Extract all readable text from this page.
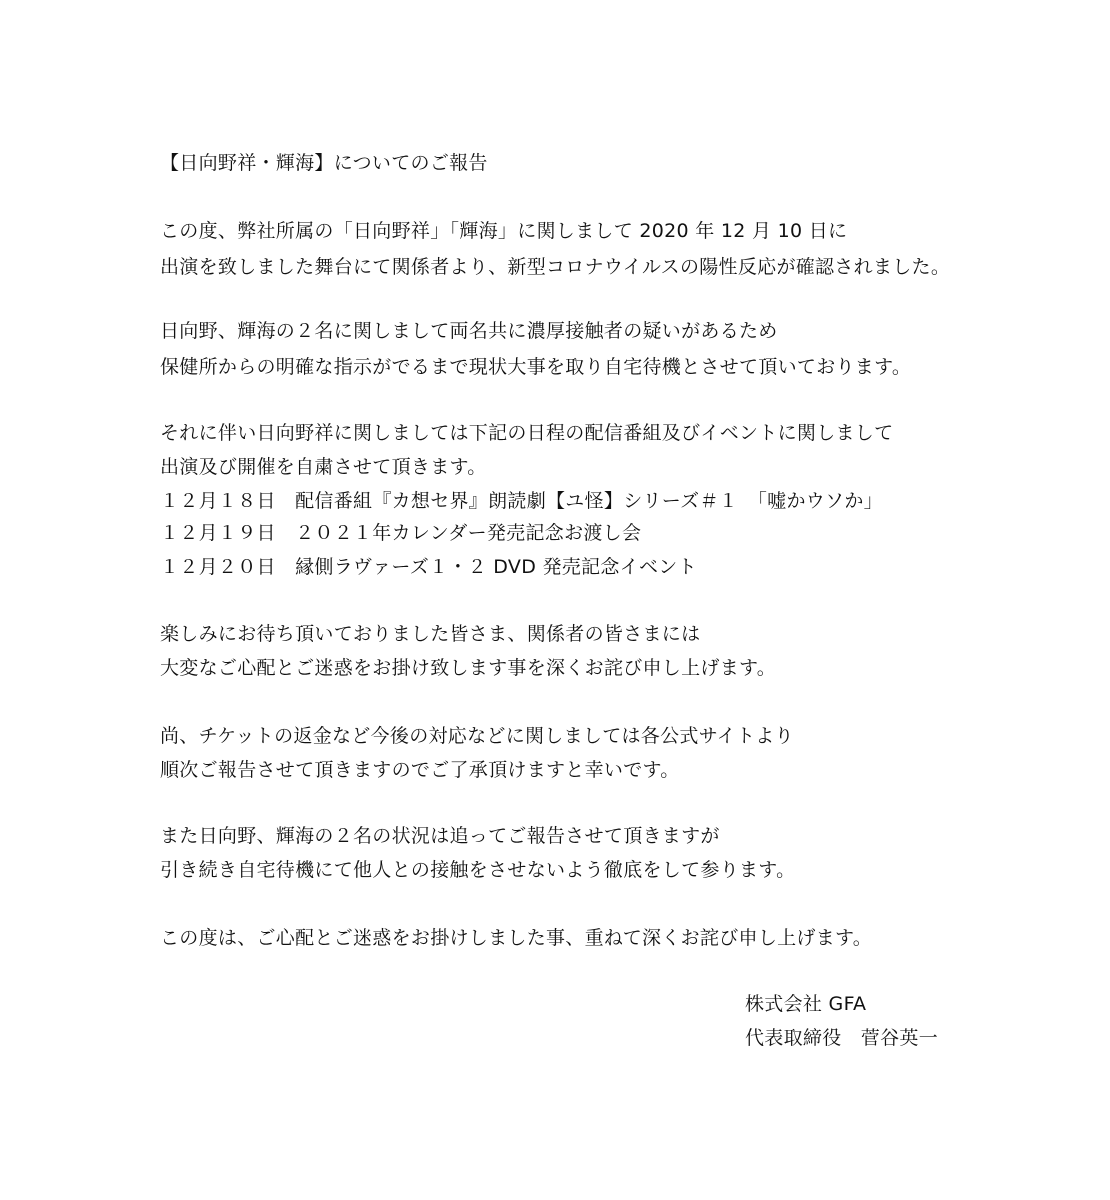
【日向野祥・輝海】についてのご報告
この度、弊社所属の「日向野祥」「輝海」に関しまして 2020 年 12 月 10 日に
出演を致しました舞台にて関係者より、新型コロナウイルスの陽性反応が確認されました。
日向野、輝海の２名に関しまして両名共に濃厚接触者の疑いがあるため
保健所からの明確な指示がでるまで現状大事を取り自宅待機とさせて頂いております。
それに伴い日向野祥に関しましては下記の日程の配信番組及びイベントに関しまして
出演及び開催を自粛させて頂きます。
１２月１８日　配信番組『カ想セ界』朗読劇【ユ怪】シリーズ＃１　「嘘かウソか」
１２月１９日　２０２１年カレンダー発売記念お渡し会
１２月２０日　縁側ラヴァーズ１・２ DVD 発売記念イベント
楽しみにお待ち頂いておりました皆さま、関係者の皆さまには
大変なご心配とご迷惑をお掛け致します事を深くお詫び申し上げます。
尚、チケットの返金など今後の対応などに関しましては各公式サイトより
順次ご報告させて頂きますのでご了承頂けますと幸いです。
また日向野、輝海の２名の状況は追ってご報告させて頂きますが
引き続き自宅待機にて他人との接触をさせないよう徹底をして参ります。
この度は、ご心配とご迷惑をお掛けしました事、重ねて深くお詫び申し上げます。
株式会社 GFA
代表取締役　菅谷英一
